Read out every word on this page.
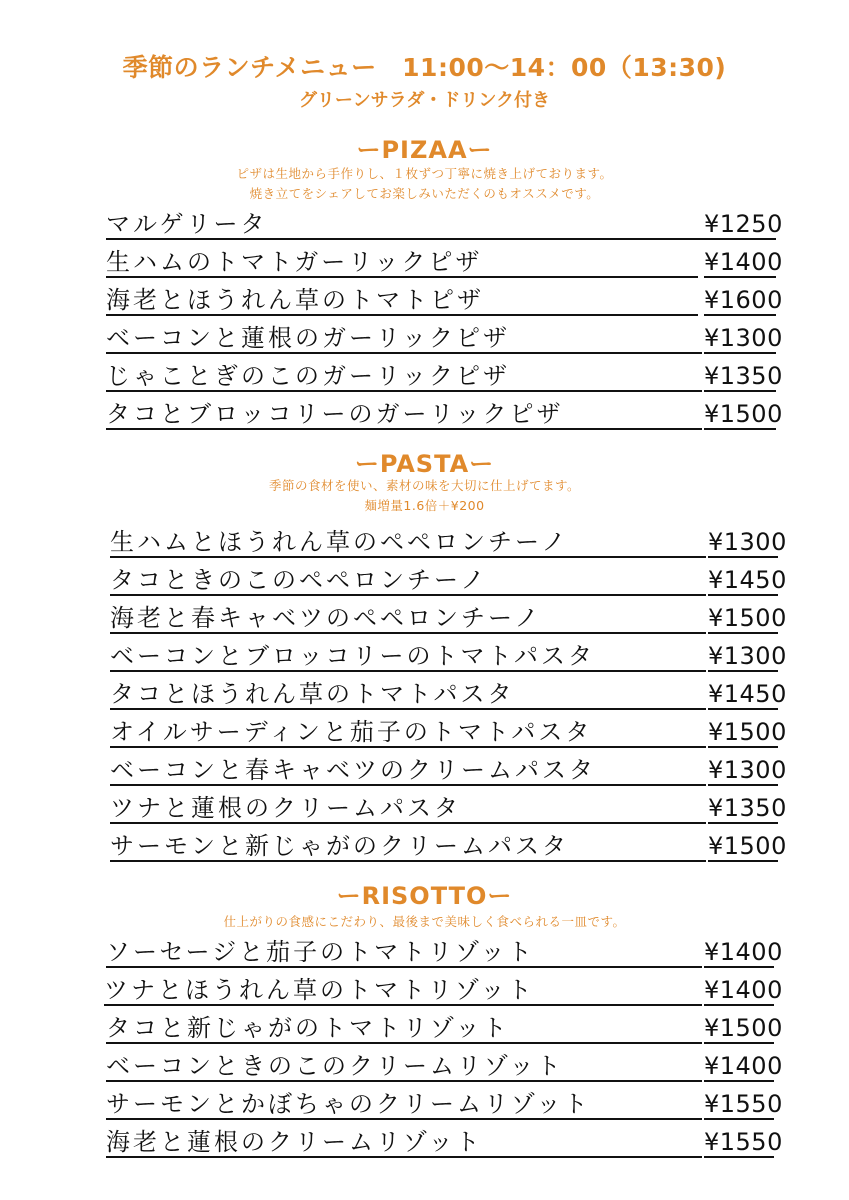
季節のランチメニュー　11:00〜14：00（13:30)
グリーンサラダ・ドリンク付き
ーPIZAAー
ピザは生地から手作りし、１枚ずつ丁寧に焼き上げております。
焼き立てをシェアしてお楽しみいただくのもオススメです。
マルゲリータ	¥1250
生ハムのトマトガーリックピザ	¥1400
海老とほうれん草のトマトピザ	¥1600
ベーコンと蓮根のガーリックピザ	¥1300
じゃことぎのこのガーリックピザ	¥1350
タコとブロッコリーのガーリックピザ	¥1500
ーPASTAー
季節の食材を使い、素材の味を大切に仕上げてます。
麺増量1.6倍＋¥200
生ハムとほうれん草のペペロンチーノ	¥1300
タコときのこのペペロンチーノ	¥1450
海老と春キャベツのペペロンチーノ	¥1500
ベーコンとブロッコリーのトマトパスタ	¥1300
タコとほうれん草のトマトパスタ	¥1450
オイルサーディンと茄子のトマトパスタ	¥1500
ベーコンと春キャベツのクリームパスタ	¥1300
ツナと蓮根のクリームパスタ	¥1350
サーモンと新じゃがのクリームパスタ	¥1500
ーRISOTTOー
仕上がりの食感にこだわり、最後まで美味しく食べられる一皿です。
ソーセージと茄子のトマトリゾット	¥1400
ツナとほうれん草のトマトリゾット	¥1400
タコと新じゃがのトマトリゾット	¥1500
ベーコンときのこのクリームリゾット	¥1400
サーモンとかぼちゃのクリームリゾット	¥1550
海老と蓮根のクリームリゾット	¥1550
